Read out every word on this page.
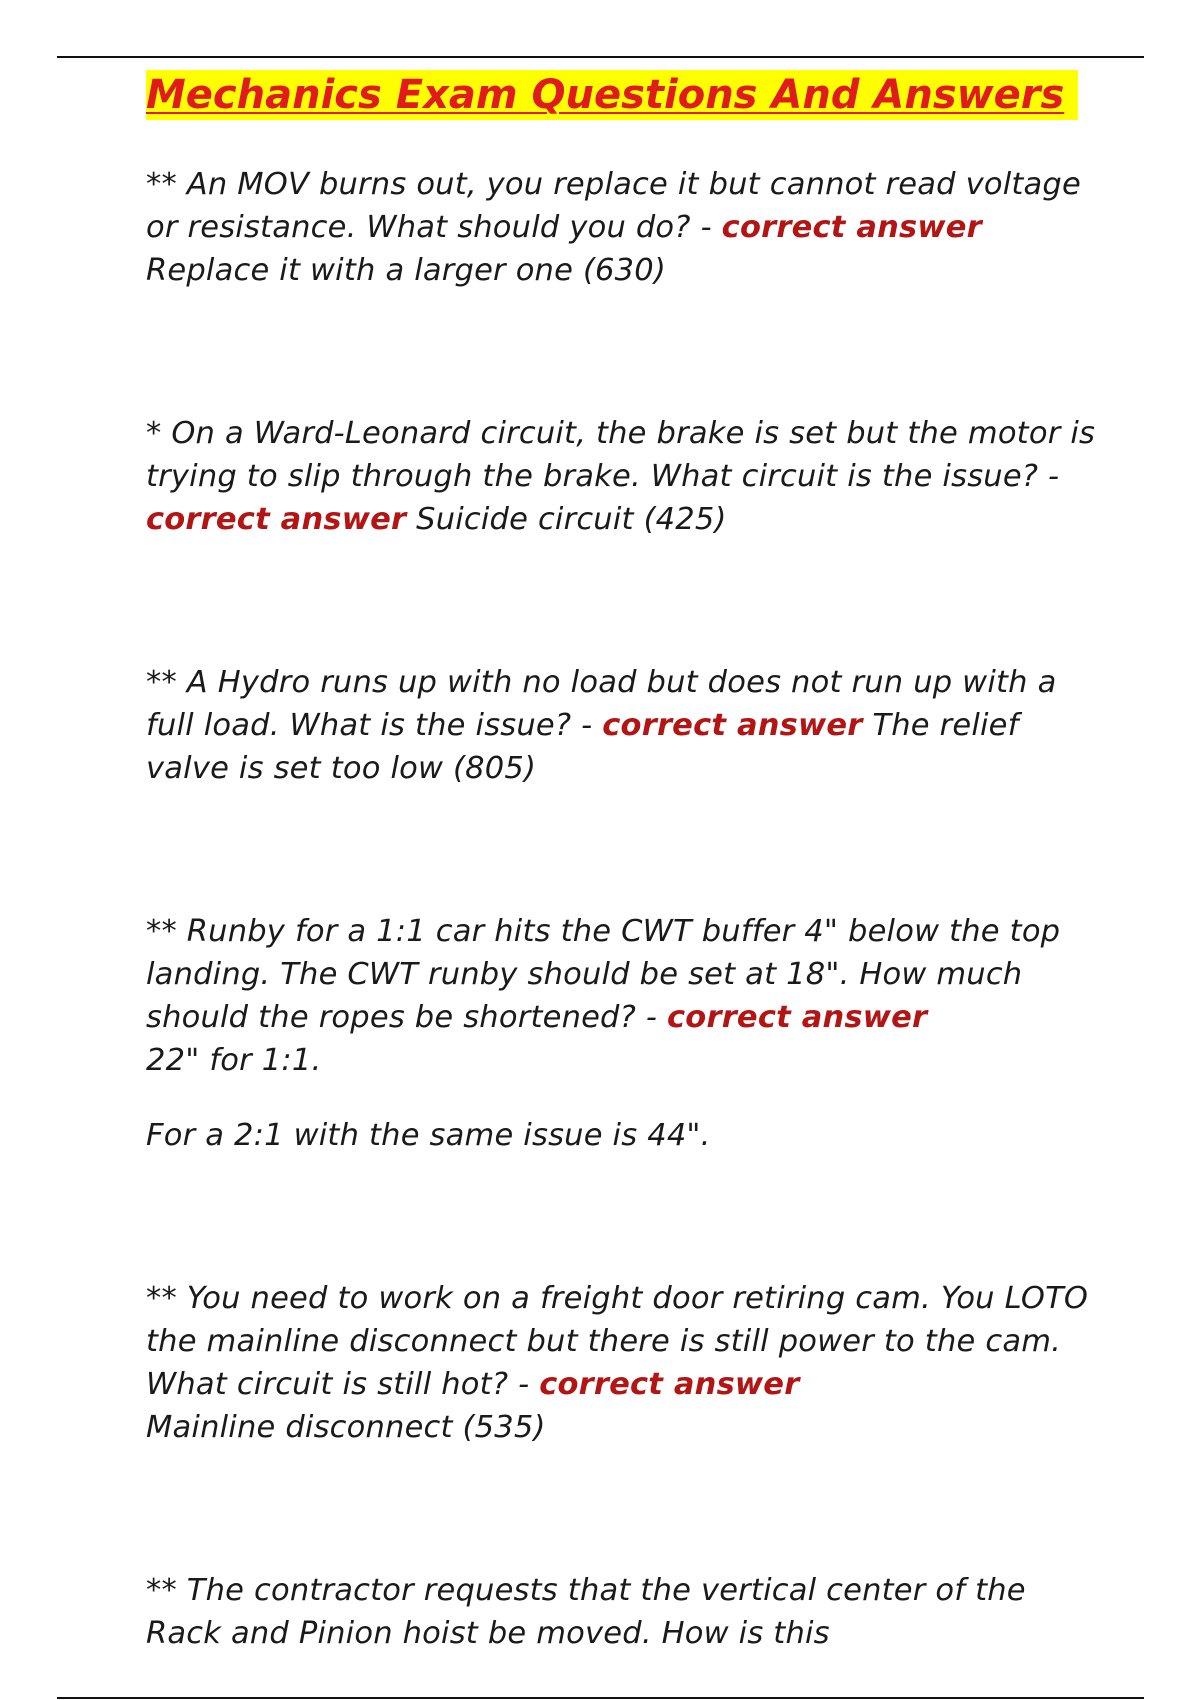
Mechanics Exam Questions And Answers

** An MOV burns out, you replace it but cannot read voltage or resistance. What should you do? - correct answer Replace it with a larger one (630)

* On a Ward-Leonard circuit, the brake is set but the motor is trying to slip through the brake. What circuit is the issue? - correct answer Suicide circuit (425)

** A Hydro runs up with no load but does not run up with a full load. What is the issue? - correct answer The relief valve is set too low (805)

** Runby for a 1:1 car hits the CWT buffer 4" below the top landing. The CWT runby should be set at 18". How much should the ropes be shortened? - correct answer
22" for 1:1.

For a 2:1 with the same issue is 44".

** You need to work on a freight door retiring cam. You LOTO the mainline disconnect but there is still power to the cam. What circuit is still hot? - correct answer
Mainline disconnect (535)

** The contractor requests that the vertical center of the Rack and Pinion hoist be moved. How is this
